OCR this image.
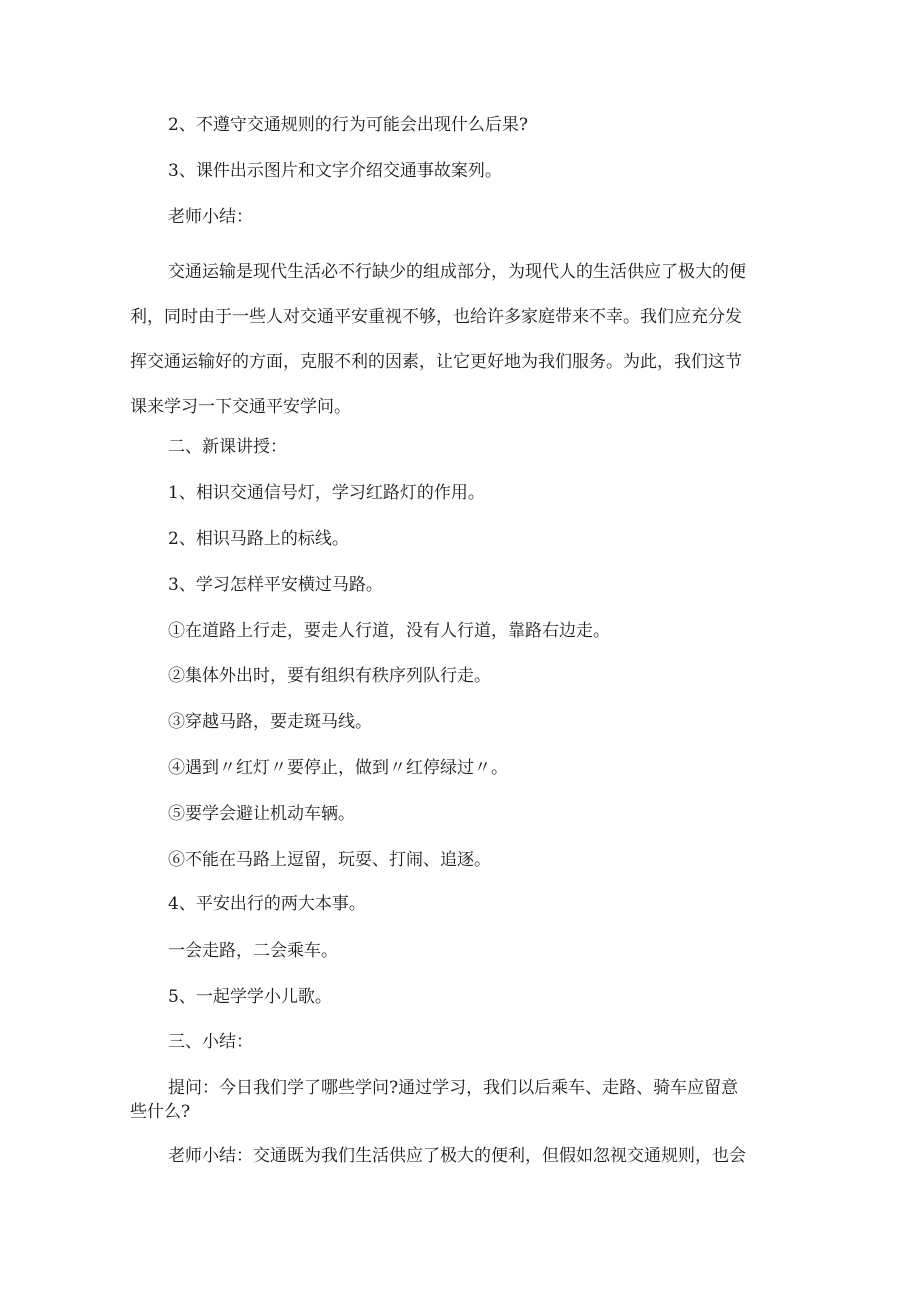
2、不遵守交通规则的行为可能会出现什么后果?

3、课件出示图片和文字介绍交通事故案列。

老师小结：

交通运输是现代生活必不行缺少的组成部分，为现代人的生活供应了极大的便

利，同时由于一些人对交通平安重视不够，也给许多家庭带来不幸。我们应充分发

挥交通运输好的方面，克服不利的因素，让它更好地为我们服务。为此，我们这节

课来学习一下交通平安学问。

二、新课讲授：

1、相识交通信号灯，学习红路灯的作用。

2、相识马路上的标线。

3、学习怎样平安横过马路。

①在道路上行走，要走人行道，没有人行道，靠路右边走。

②集体外出时，要有组织有秩序列队行走。

③穿越马路，要走斑马线。

④遇到〃红灯〃要停止，做到〃红停绿过〃。

⑤要学会避让机动车辆。

⑥不能在马路上逗留，玩耍、打闹、追逐。

4、平安出行的两大本事。

一会走路，二会乘车。

5、一起学学小儿歌。

三、小结：

提问：今日我们学了哪些学问?通过学习，我们以后乘车、走路、骑车应留意

些什么?

老师小结：交通既为我们生活供应了极大的便利，但假如忽视交通规则，也会
